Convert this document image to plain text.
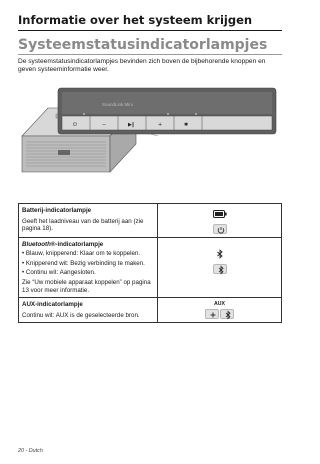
Informatie over het systeem krijgen
Systeemstatusindicatorlampjes
De systeemstatusindicatorlampjes bevinden zich boven de bijbehorende knoppen en geven systeeminformatie weer.
SoundLink Mini
⏻	−	▶︎‖	+	✱
Batterij-indicatorlampje

Geeft het laadniveau van de batterij aan (zie pagina 18).

Bluetooth®-indicatorlampje
• Blauw, knipperend: Klaar om te koppelen.
• Knipperend wit: Bezig verbinding te maken.
• Continu wit: Aangesloten.
Zie “Uw mobiele apparaat koppelen” op pagina 13 voor meer informatie.

AUX-indicatorlampje

Continu wit: AUX is de geselecteerde bron.	AUX

20 - Dutch
